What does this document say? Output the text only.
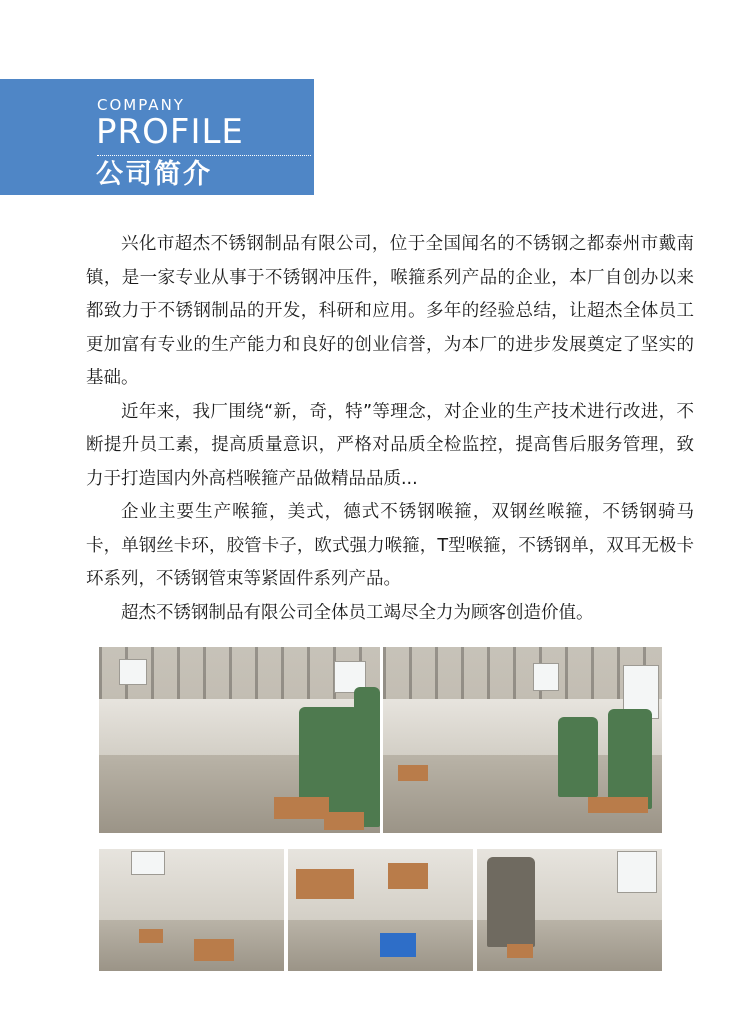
COMPANY
PROFILE
公司简介

兴化市超杰不锈钢制品有限公司，位于全国闻名的不锈钢之都泰州市戴南镇，是一家专业从事于不锈钢冲压件，喉箍系列产品的企业，本厂自创办以来都致力于不锈钢制品的开发，科研和应用。多年的经验总结，让超杰全体员工更加富有专业的生产能力和良好的创业信誉，为本厂的进步发展奠定了坚实的基础。

近年来，我厂围绕“新，奇，特”等理念，对企业的生产技术进行改进，不断提升员工素，提高质量意识，严格对品质全检监控，提高售后服务管理，致力于打造国内外高档喉箍产品做精品品质...

企业主要生产喉箍，美式，德式不锈钢喉箍，双钢丝喉箍，不锈钢骑马卡，单钢丝卡环，胶管卡子，欧式强力喉箍，T型喉箍，不锈钢单，双耳无极卡环系列，不锈钢管束等紧固件系列产品。

超杰不锈钢制品有限公司全体员工竭尽全力为顾客创造价值。
